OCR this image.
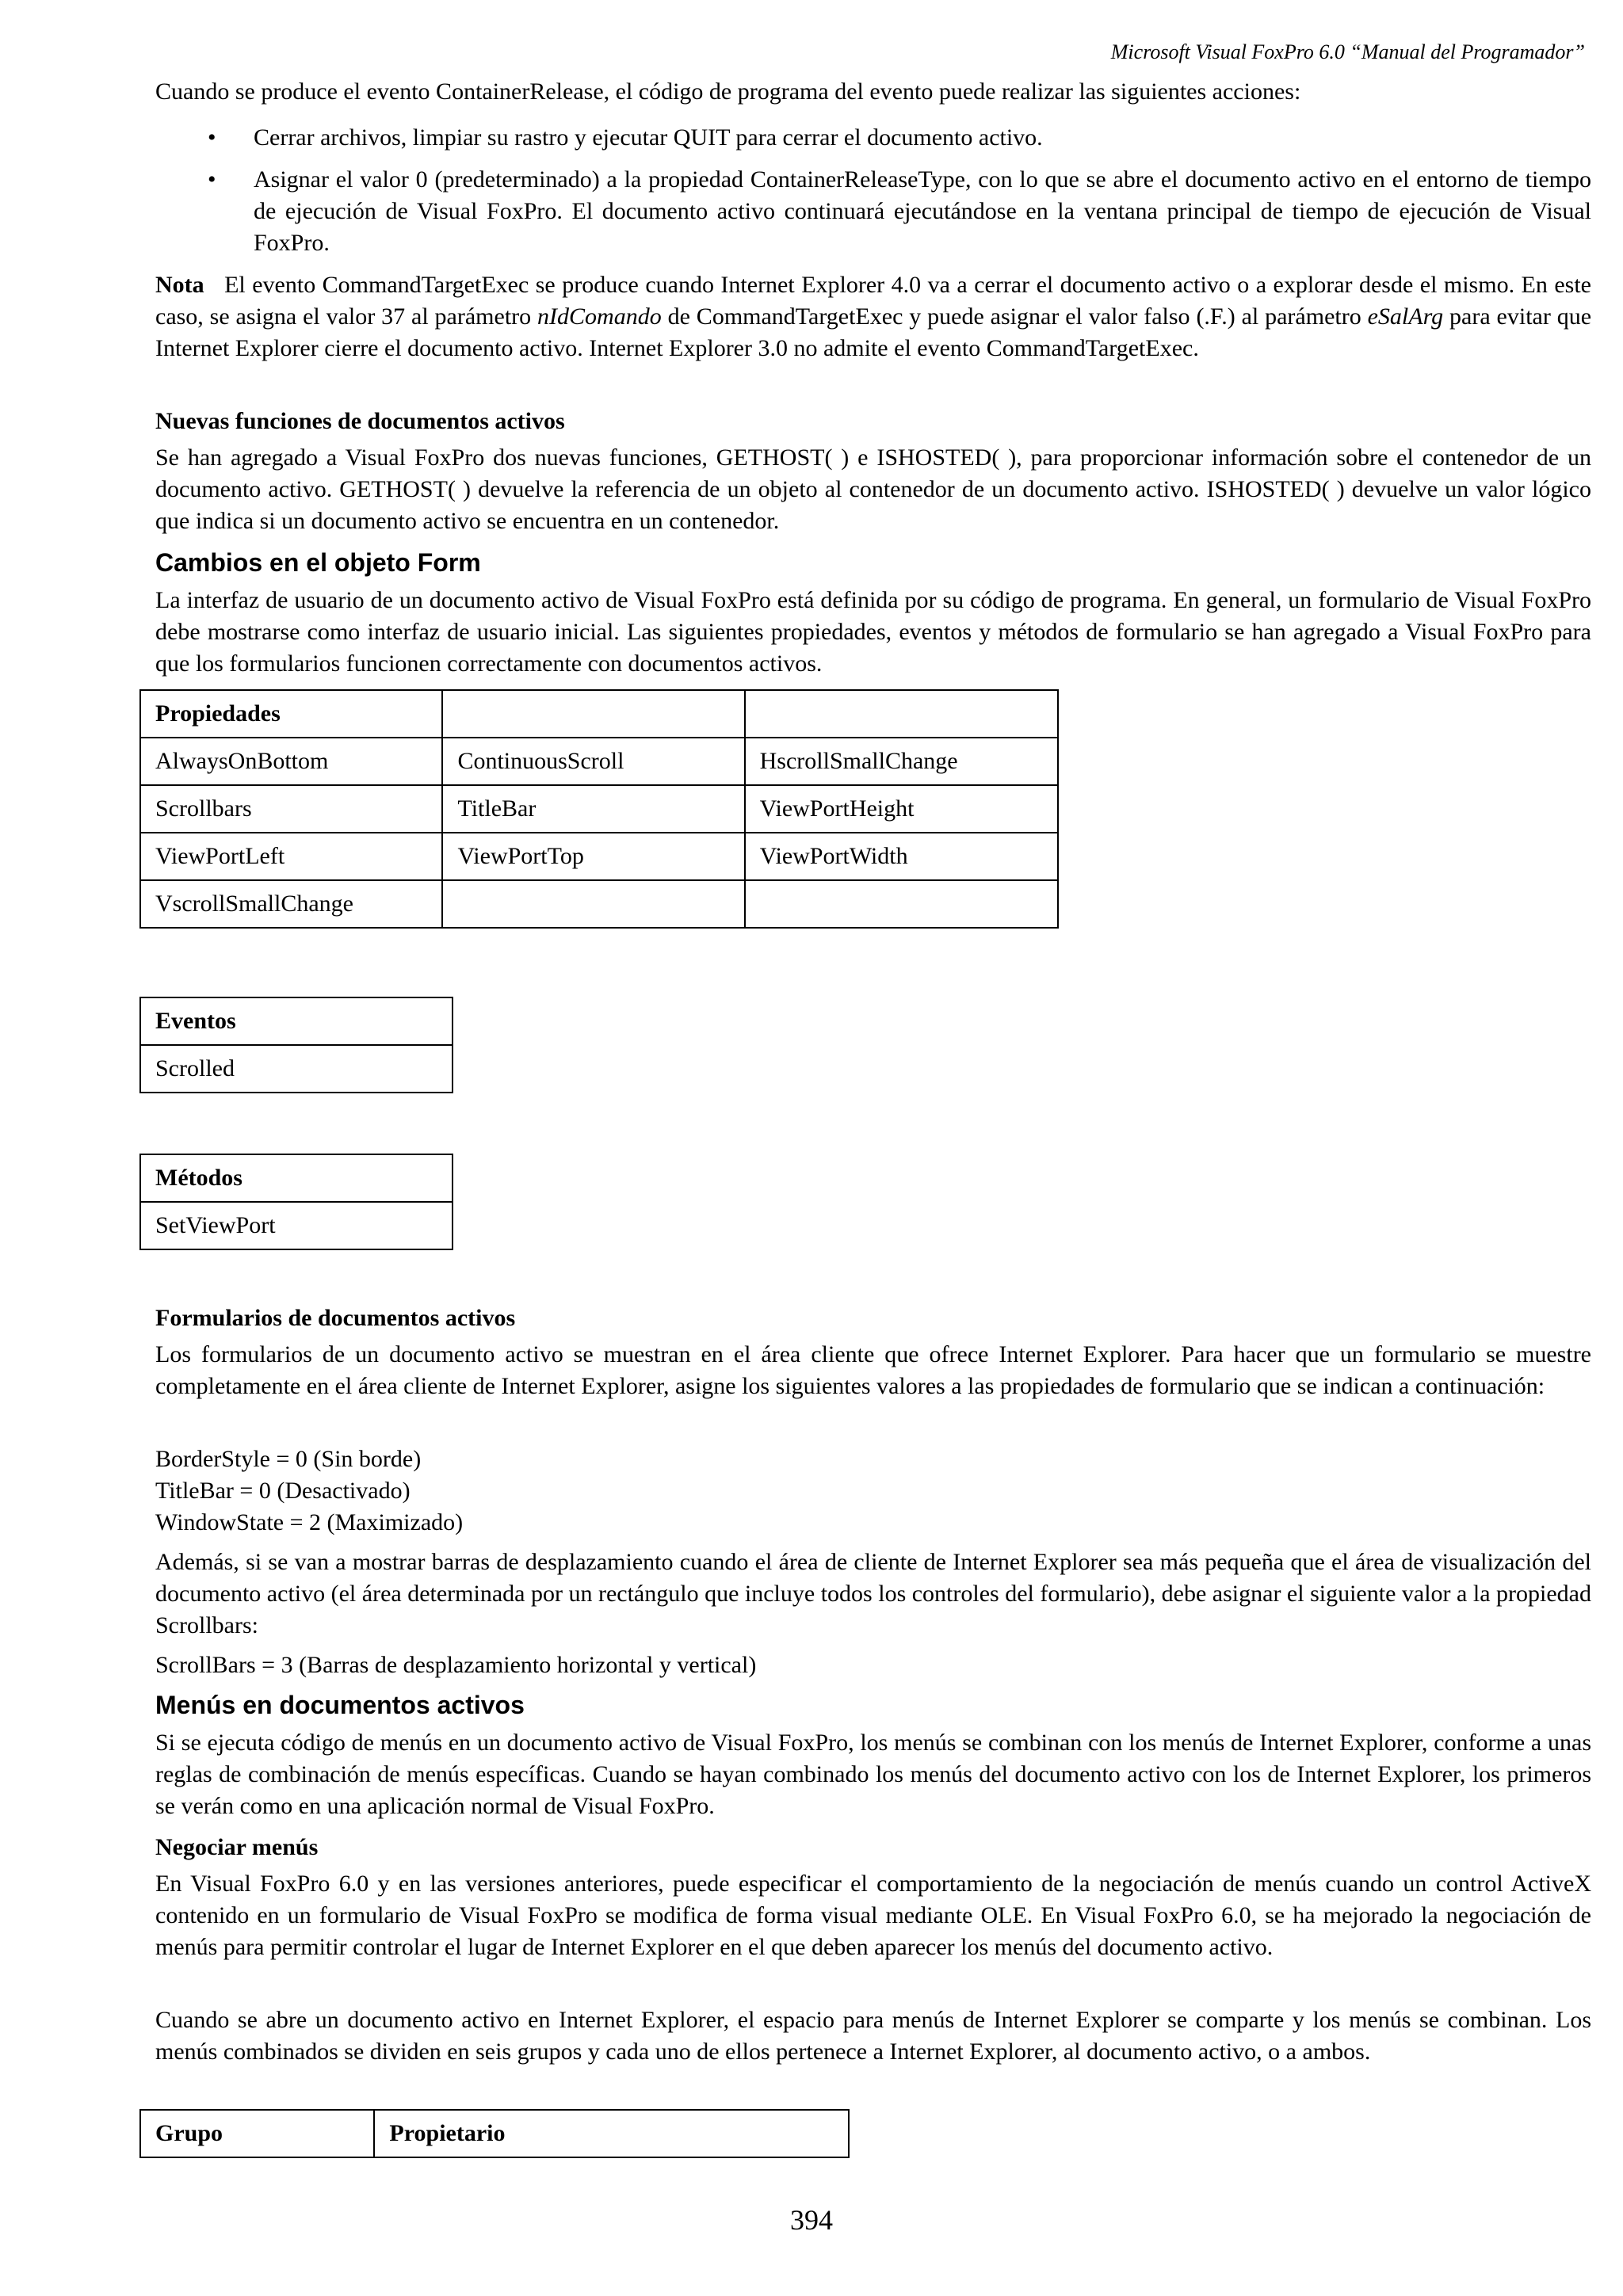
Microsoft Visual FoxPro 6.0 “Manual del Programador”

Cuando se produce el evento ContainerRelease, el código de programa del evento puede realizar las siguientes acciones:

• Cerrar archivos, limpiar su rastro y ejecutar QUIT para cerrar el documento activo.

• Asignar el valor 0 (predeterminado) a la propiedad ContainerReleaseType, con lo que se abre el documento activo en el entorno de tiempo de ejecución de Visual FoxPro. El documento activo continuará ejecutándose en la ventana principal de tiempo de ejecución de Visual FoxPro.

Nota El evento CommandTargetExec se produce cuando Internet Explorer 4.0 va a cerrar el documento activo o a explorar desde el mismo. En este caso, se asigna el valor 37 al parámetro nIdComando de CommandTargetExec y puede asignar el valor falso (.F.) al parámetro eSalArg para evitar que Internet Explorer cierre el documento activo. Internet Explorer 3.0 no admite el evento CommandTargetExec.

Nuevas funciones de documentos activos

Se han agregado a Visual FoxPro dos nuevas funciones, GETHOST( ) e ISHOSTED( ), para proporcionar información sobre el contenedor de un documento activo. GETHOST( ) devuelve la referencia de un objeto al contenedor de un documento activo. ISHOSTED( ) devuelve un valor lógico que indica si un documento activo se encuentra en un contenedor.

Cambios en el objeto Form

La interfaz de usuario de un documento activo de Visual FoxPro está definida por su código de programa. En general, un formulario de Visual FoxPro debe mostrarse como interfaz de usuario inicial. Las siguientes propiedades, eventos y métodos de formulario se han agregado a Visual FoxPro para que los formularios funcionen correctamente con documentos activos.

Propiedades		
AlwaysOnBottom	ContinuousScroll	HscrollSmallChange
Scrollbars	TitleBar	ViewPortHeight
ViewPortLeft	ViewPortTop	ViewPortWidth
VscrollSmallChange		
Eventos
Scrolled
Métodos
SetViewPort

Formularios de documentos activos

Los formularios de un documento activo se muestran en el área cliente que ofrece Internet Explorer. Para hacer que un formulario se muestre completamente en el área cliente de Internet Explorer, asigne los siguientes valores a las propiedades de formulario que se indican a continuación:

BorderStyle = 0 (Sin borde)

TitleBar = 0 (Desactivado)

WindowState = 2 (Maximizado)

Además, si se van a mostrar barras de desplazamiento cuando el área de cliente de Internet Explorer sea más pequeña que el área de visualización del documento activo (el área determinada por un rectángulo que incluye todos los controles del formulario), debe asignar el siguiente valor a la propiedad Scrollbars:

ScrollBars = 3 (Barras de desplazamiento horizontal y vertical)

Menús en documentos activos

Si se ejecuta código de menús en un documento activo de Visual FoxPro, los menús se combinan con los menús de Internet Explorer, conforme a unas reglas de combinación de menús específicas. Cuando se hayan combinado los menús del documento activo con los de Internet Explorer, los primeros se verán como en una aplicación normal de Visual FoxPro.

Negociar menús

En Visual FoxPro 6.0 y en las versiones anteriores, puede especificar el comportamiento de la negociación de menús cuando un control ActiveX contenido en un formulario de Visual FoxPro se modifica de forma visual mediante OLE. En Visual FoxPro 6.0, se ha mejorado la negociación de menús para permitir controlar el lugar de Internet Explorer en el que deben aparecer los menús del documento activo.

Cuando se abre un documento activo en Internet Explorer, el espacio para menús de Internet Explorer se comparte y los menús se combinan. Los menús combinados se dividen en seis grupos y cada uno de ellos pertenece a Internet Explorer, al documento activo, o a ambos.

Grupo	Propietario
394
